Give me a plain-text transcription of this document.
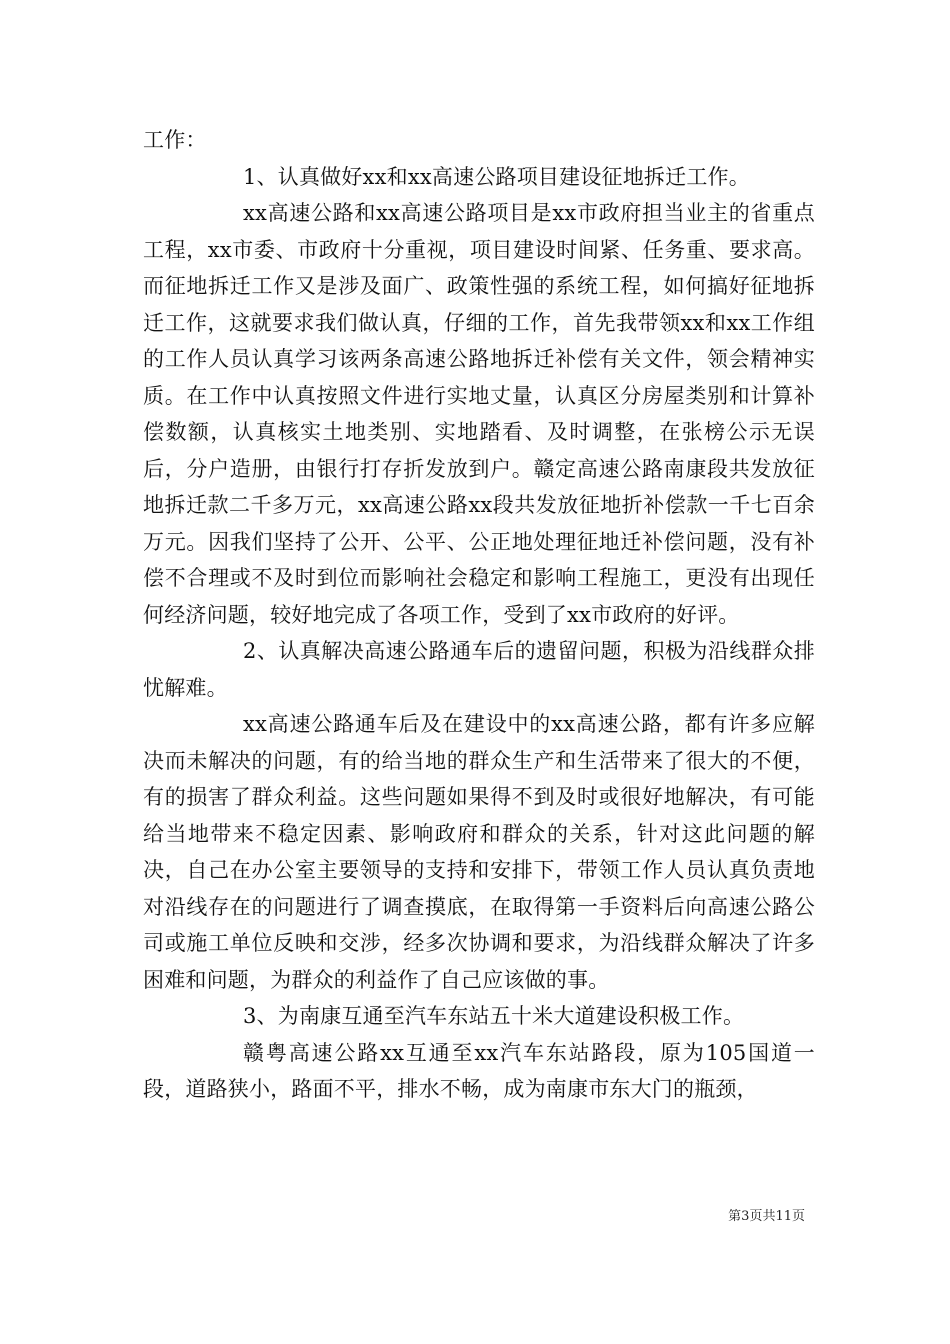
工作：

1、认真做好xx和xx高速公路项目建设征地拆迁工作。

xx高速公路和xx高速公路项目是xx市政府担当业主的省重点工程，xx市委、市政府十分重视，项目建设时间紧、任务重、要求高。而征地拆迁工作又是涉及面广、政策性强的系统工程，如何搞好征地拆迁工作，这就要求我们做认真，仔细的工作，首先我带领xx和xx工作组的工作人员认真学习该两条高速公路地拆迁补偿有关文件，领会精神实质。在工作中认真按照文件进行实地丈量，认真区分房屋类别和计算补偿数额，认真核实土地类别、实地踏看、及时调整，在张榜公示无误后，分户造册，由银行打存折发放到户。赣定高速公路南康段共发放征地拆迁款二千多万元，xx高速公路xx段共发放征地折补偿款一千七百余万元。因我们坚持了公开、公平、公正地处理征地迁补偿问题，没有补偿不合理或不及时到位而影响社会稳定和影响工程施工，更没有出现任何经济问题，较好地完成了各项工作，受到了xx市政府的好评。

2、认真解决高速公路通车后的遗留问题，积极为沿线群众排忧解难。

xx高速公路通车后及在建设中的xx高速公路，都有许多应解决而未解决的问题，有的给当地的群众生产和生活带来了很大的不便，有的损害了群众利益。这些问题如果得不到及时或很好地解决，有可能给当地带来不稳定因素、影响政府和群众的关系，针对这此问题的解决，自己在办公室主要领导的支持和安排下，带领工作人员认真负责地对沿线存在的问题进行了调查摸底，在取得第一手资料后向高速公路公司或施工单位反映和交涉，经多次协调和要求，为沿线群众解决了许多困难和问题，为群众的利益作了自己应该做的事。

3、为南康互通至汽车东站五十米大道建设积极工作。

赣粤高速公路xx互通至xx汽车东站路段，原为105国道一段，道路狭小，路面不平，排水不畅，成为南康市东大门的瓶颈，

第3页共11页
